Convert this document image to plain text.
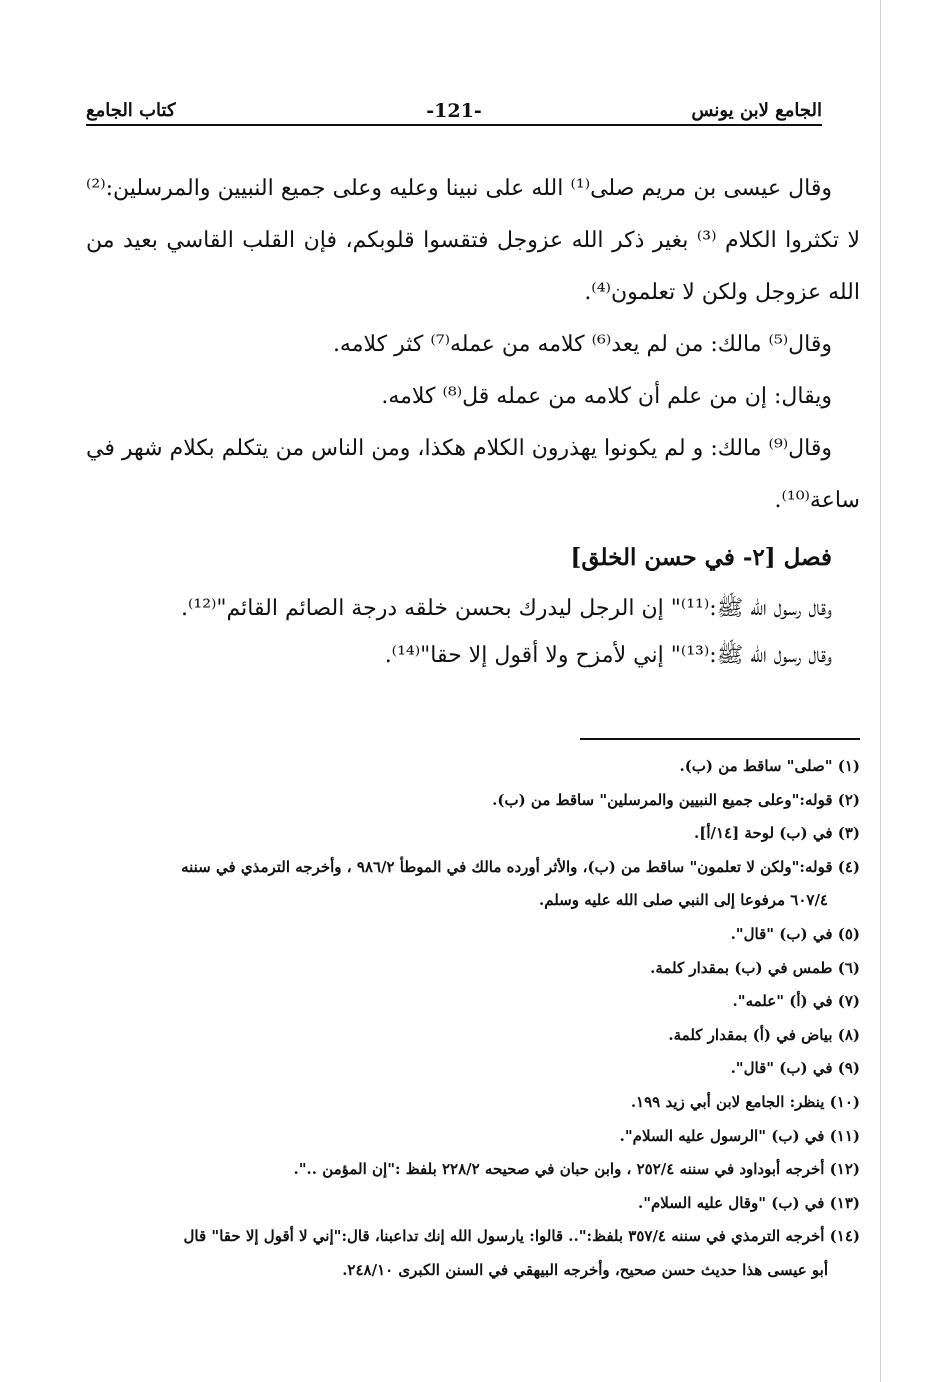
الجامع لابن يونس
-121-
كتاب الجامع

وقال عيسى بن مريم صلى⁽¹⁾ الله على نبينا وعليه وعلى جميع النبيين والمرسلين:⁽²⁾ لا تكثروا الكلام ⁽³⁾ بغير ذكر الله عزوجل فتقسوا قلوبكم، فإن القلب القاسي بعيد من الله عزوجل ولكن لا تعلمون⁽⁴⁾.

وقال⁽⁵⁾ مالك: من لم يعد⁽⁶⁾ كلامه من عمله⁽⁷⁾ كثر كلامه.

ويقال: إن من علم أن كلامه من عمله قل⁽⁸⁾ كلامه.

وقال⁽⁹⁾ مالك: و لم يكونوا يهذرون الكلام هكذا، ومن الناس من يتكلم بكلام شهر في ساعة⁽¹⁰⁾.

فصل [٢- في حسن الخلق]

وقال رسول الله ﷺ:⁽¹¹⁾" إن الرجل ليدرك بحسن خلقه درجة الصائم القائم"⁽¹²⁾.

وقال رسول الله ﷺ:⁽¹³⁾" إني لأمزح ولا أقول إلا حقا"⁽¹⁴⁾.

(١) "صلى" ساقط من (ب).

(٢) قوله:"وعلى جميع النبيين والمرسلين" ساقط من (ب).

(٣) في (ب) لوحة [١٤/أ].

(٤) قوله:"ولكن لا تعلمون" ساقط من (ب)، والأثر أورده مالك في الموطأ ٩٨٦/٢ ، وأخرجه الترمذي في سننه

٦٠٧/٤ مرفوعا إلى النبي صلى الله عليه وسلم.

(٥) في (ب) "قال".

(٦) طمس في (ب) بمقدار كلمة.

(٧) في (أ) "علمه".

(٨) بياض في (أ) بمقدار كلمة.

(٩) في (ب) "قال".

(١٠) ينظر: الجامع لابن أبي زيد ١٩٩.

(١١) في (ب) "الرسول عليه السلام".

(١٢) أخرجه أبوداود في سننه ٢٥٢/٤ ، وابن حبان في صحيحه ٢٢٨/٢ بلفظ :"إن المؤمن ..".

(١٣) في (ب) "وقال عليه السلام".

(١٤) أخرجه الترمذي في سننه ٣٥٧/٤ بلفظ:".. قالوا: يارسول الله إنك تداعبنا، قال:"إني لا أقول إلا حقا" قال

أبو عيسى هذا حديث حسن صحيح، وأخرجه البيهقي في السنن الكبرى ٢٤٨/١٠.
